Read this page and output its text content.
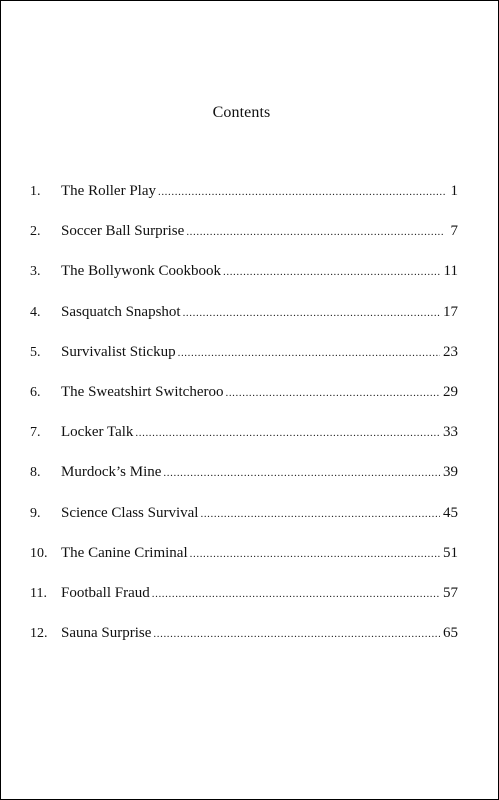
Contents
1.	The Roller Play .....	1
2.	Soccer Ball Surprise .....	7
3.	The Bollywonk Cookbook .....	11
4.	Sasquatch Snapshot .....	17
5.	Survivalist Stickup .....	23
6.	The Sweatshirt Switcheroo .....	29
7.	Locker Talk .....	33
8.	Murdock’s Mine .....	39
9.	Science Class Survival .....	45
10. The Canine Criminal .....	51
11. Football Fraud .....	57
12. Sauna Surprise .....	65
